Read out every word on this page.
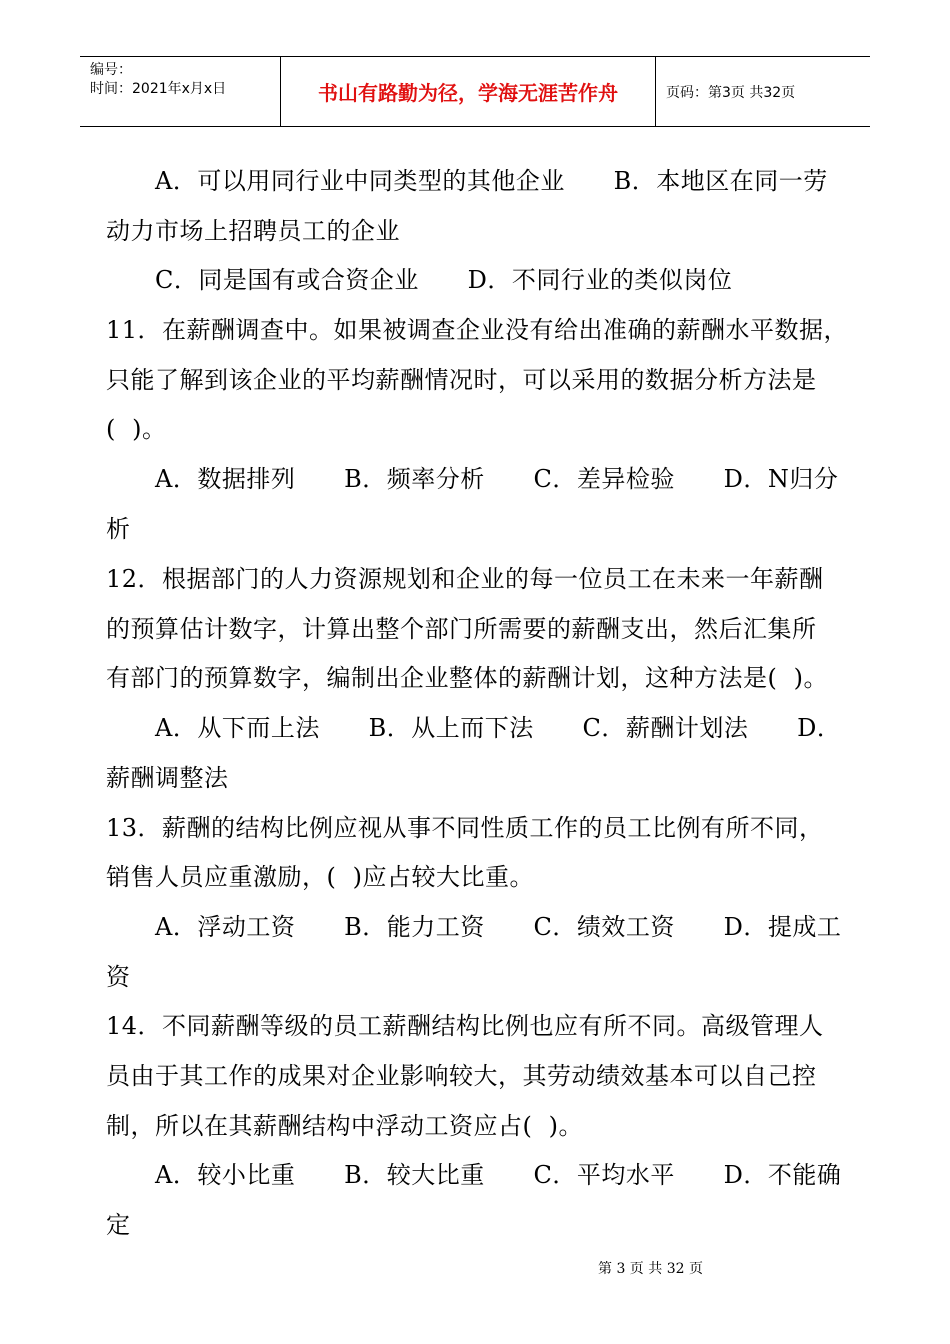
编号：
时间：2021年x月x日	书山有路勤为径，学海无涯苦作舟	页码：第3页 共32页
A．可以用同行业中同类型的其他企业      B．本地区在同一劳
动力市场上招聘员工的企业
C．同是国有或合资企业      D．不同行业的类似岗位
11．在薪酬调查中。如果被调查企业没有给出准确的薪酬水平数据，
只能了解到该企业的平均薪酬情况时，可以采用的数据分析方法是
(  )。
A．数据排列      B．频率分析      C．差异检验      D．N归分
析
12．根据部门的人力资源规划和企业的每一位员工在未来一年薪酬
的预算估计数字，计算出整个部门所需要的薪酬支出，然后汇集所
有部门的预算数字，编制出企业整体的薪酬计划，这种方法是(  )。
A．从下而上法      B．从上而下法      C．薪酬计划法      D．
薪酬调整法
13．薪酬的结构比例应视从事不同性质工作的员工比例有所不同，
销售人员应重激励，(  )应占较大比重。
A．浮动工资      B．能力工资      C．绩效工资      D．提成工
资
14．不同薪酬等级的员工薪酬结构比例也应有所不同。高级管理人
员由于其工作的成果对企业影响较大，其劳动绩效基本可以自己控
制，所以在其薪酬结构中浮动工资应占(  )。
A．较小比重      B．较大比重      C．平均水平      D．不能确
定
第 3 页 共 32 页
